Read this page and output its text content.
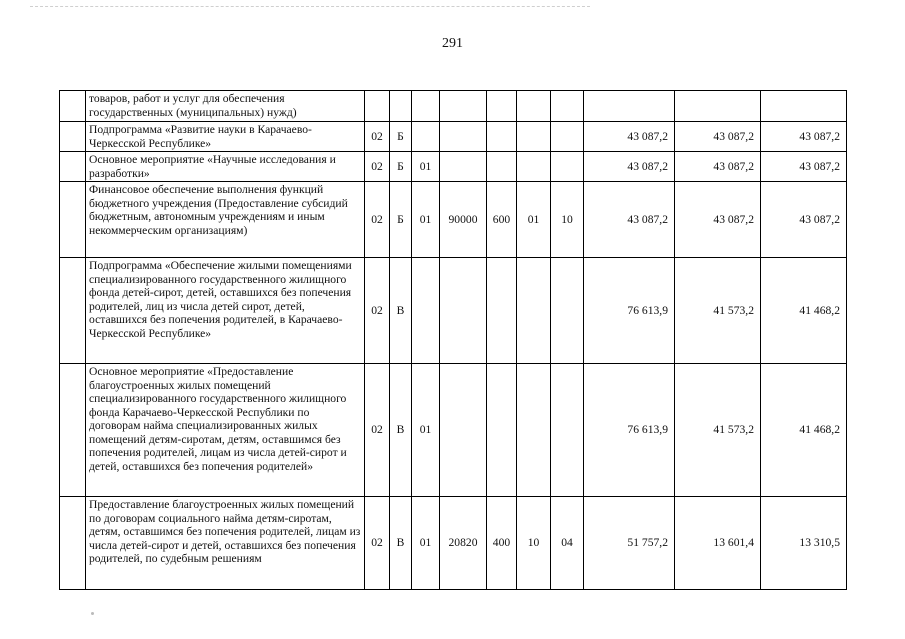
291
	товаров, работ и услуг для обеспечения государственных (муниципальных) нужд)										
	Подпрограмма «Развитие науки в Карачаево-Черкесской Республике»	02	Б						43 087,2	43 087,2	43 087,2
	Основное мероприятие «Научные исследования и разработки»	02	Б	01					43 087,2	43 087,2	43 087,2
	Финансовое обеспечение выполнения функций бюджетного учреждения (Предоставление субсидий бюджетным, автономным учреждениям и иным некоммерческим организациям)	02	Б	01	90000	600	01	10	43 087,2	43 087,2	43 087,2
	Подпрограмма «Обеспечение жилыми помещениями специализированного государственного жилищного фонда детей-сирот, детей, оставшихся без попечения родителей, лиц из числа детей сирот, детей, оставшихся без попечения родителей, в Карачаево-Черкесской Республике»	02	В						76 613,9	41 573,2	41 468,2
	Основное мероприятие «Предоставление благоустроенных жилых помещений специализированного государственного жилищного фонда Карачаево-Черкесской Республики по договорам найма специализированных жилых помещений детям-сиротам, детям, оставшимся без попечения родителей, лицам из числа детей-сирот и детей, оставшихся без попечения родителей»	02	В	01					76 613,9	41 573,2	41 468,2
	Предоставление благоустроенных жилых помещений по договорам социального найма детям-сиротам, детям, оставшимся без попечения родителей, лицам из числа детей-сирот и детей, оставшихся без попечения родителей, по судебным решениям	02	В	01	20820	400	10	04	51 757,2	13 601,4	13 310,5
